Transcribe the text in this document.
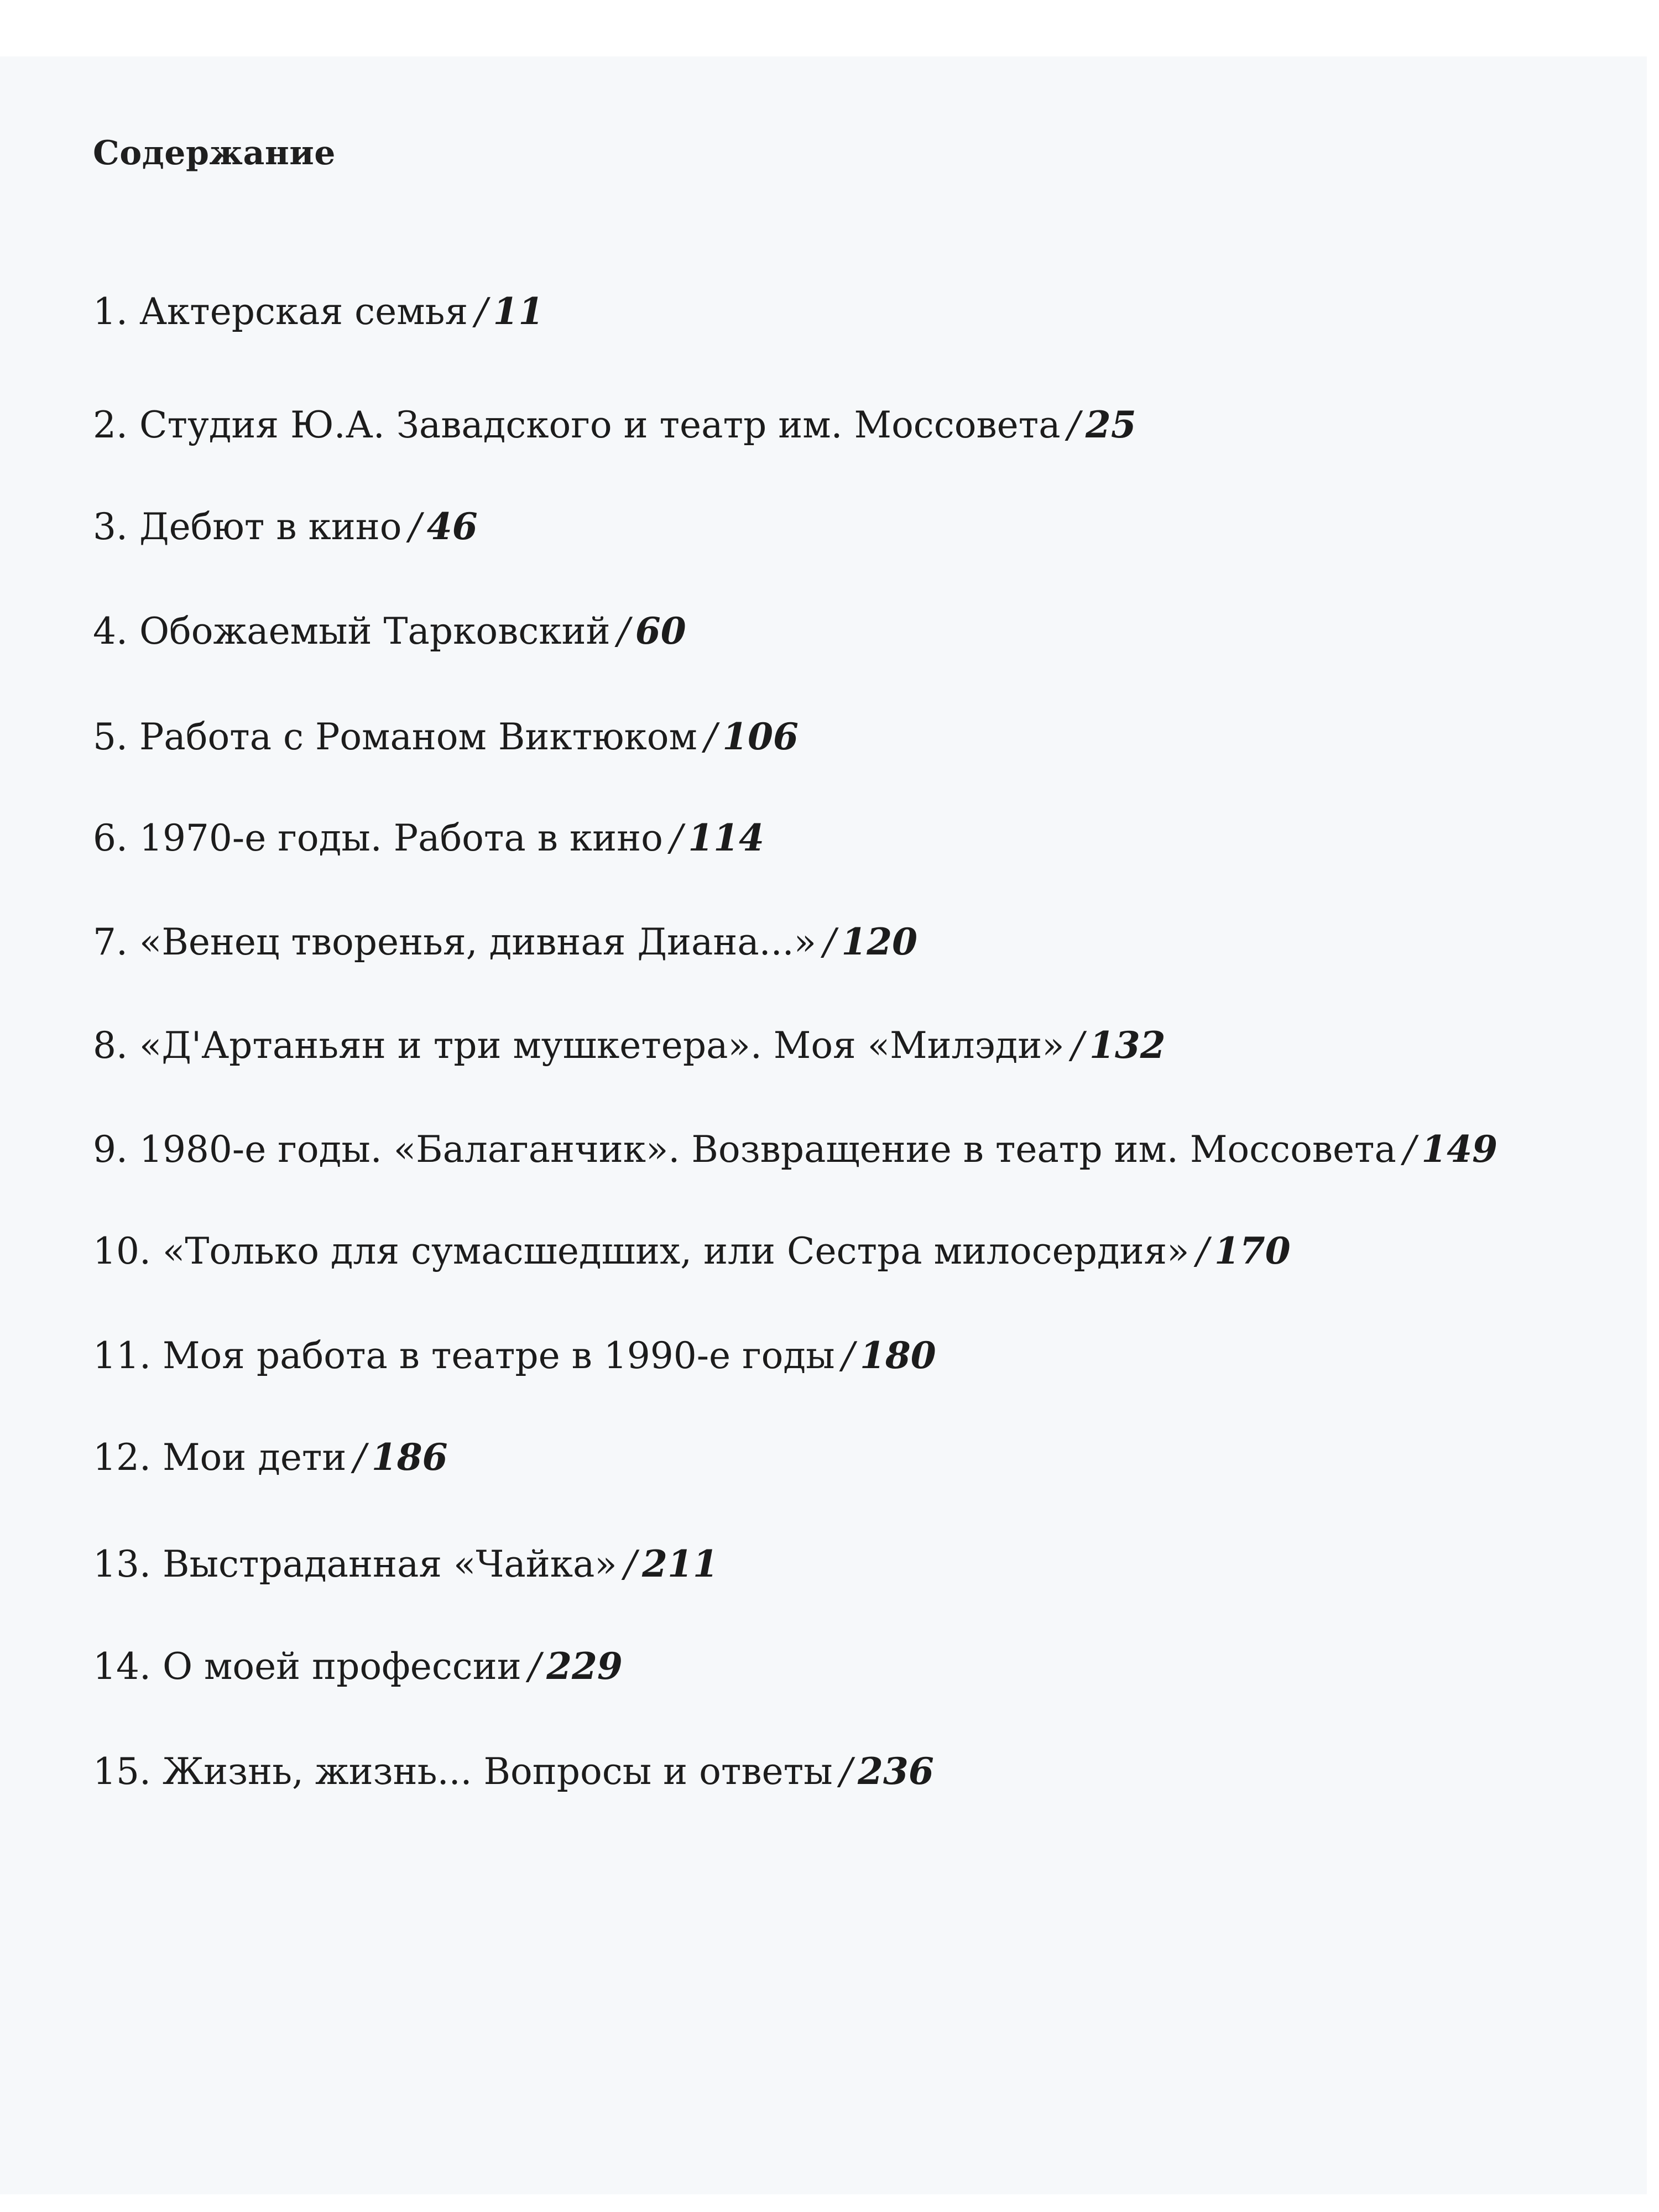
Содержание
1. Актерская семья / 11
2. Студия Ю.А. Завадского и театр им. Моссовета / 25
3. Дебют в кино / 46
4. Обожаемый Тарковский / 60
5. Работа с Романом Виктюком / 106
6. 1970-е годы. Работа в кино / 114
7. «Венец творенья, дивная Диана...» / 120
8. «Д'Артаньян и три мушкетера». Моя «Милэди» / 132
9. 1980-е годы. «Балаганчик». Возвращение в театр им. Моссовета / 149
10. «Только для сумасшедших, или Сестра милосердия» / 170
11. Моя работа в театре в 1990-е годы / 180
12. Мои дети / 186
13. Выстраданная «Чайка» / 211
14. О моей профессии / 229
15. Жизнь, жизнь... Вопросы и ответы / 236
